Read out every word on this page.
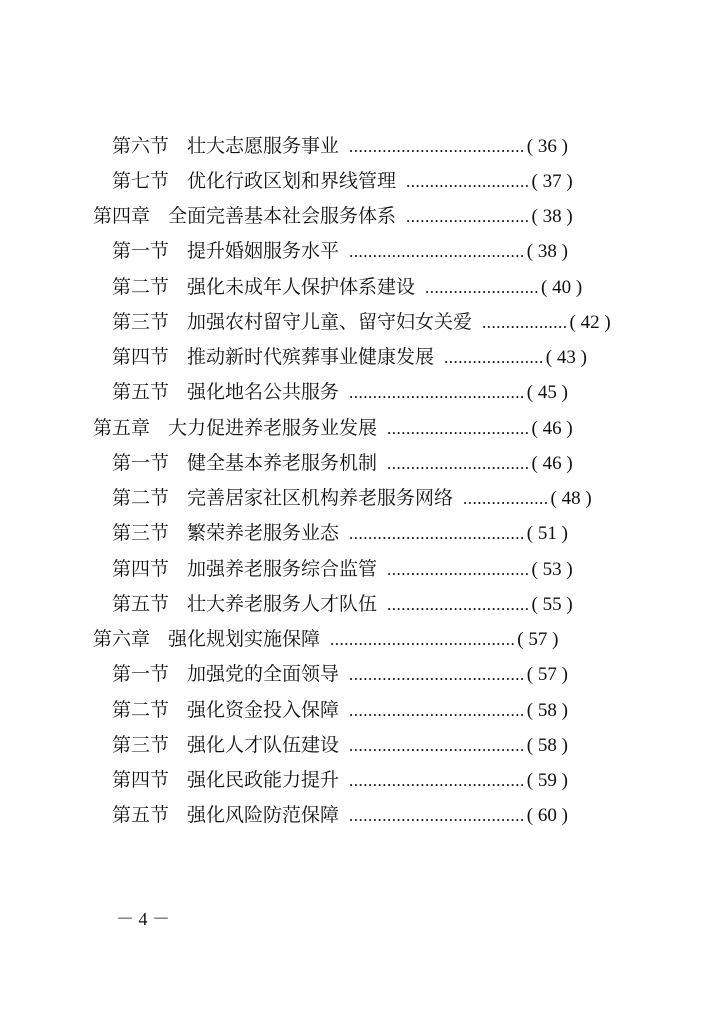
第六节 壮大志愿服务事业 ..................................... ( 36 )
第七节 优化行政区划和界线管理 .......................... ( 37 )
第四章 全面完善基本社会服务体系 .......................... ( 38 )
第一节 提升婚姻服务水平 ..................................... ( 38 )
第二节 强化未成年人保护体系建设 ........................ ( 40 )
第三节 加强农村留守儿童、留守妇女关爱 .................. ( 42 )
第四节 推动新时代殡葬事业健康发展 ..................... ( 43 )
第五节 强化地名公共服务 ..................................... ( 45 )
第五章 大力促进养老服务业发展 .............................. ( 46 )
第一节 健全基本养老服务机制 .............................. ( 46 )
第二节 完善居家社区机构养老服务网络 .................. ( 48 )
第三节 繁荣养老服务业态 ..................................... ( 51 )
第四节 加强养老服务综合监管 .............................. ( 53 )
第五节 壮大养老服务人才队伍 .............................. ( 55 )
第六章 强化规划实施保障 ....................................... ( 57 )
第一节 加强党的全面领导 ..................................... ( 57 )
第二节 强化资金投入保障 ..................................... ( 58 )
第三节 强化人才队伍建设 ..................................... ( 58 )
第四节 强化民政能力提升 ..................................... ( 59 )
第五节 强化风险防范保障 ..................................... ( 60 )
－ 4 －
